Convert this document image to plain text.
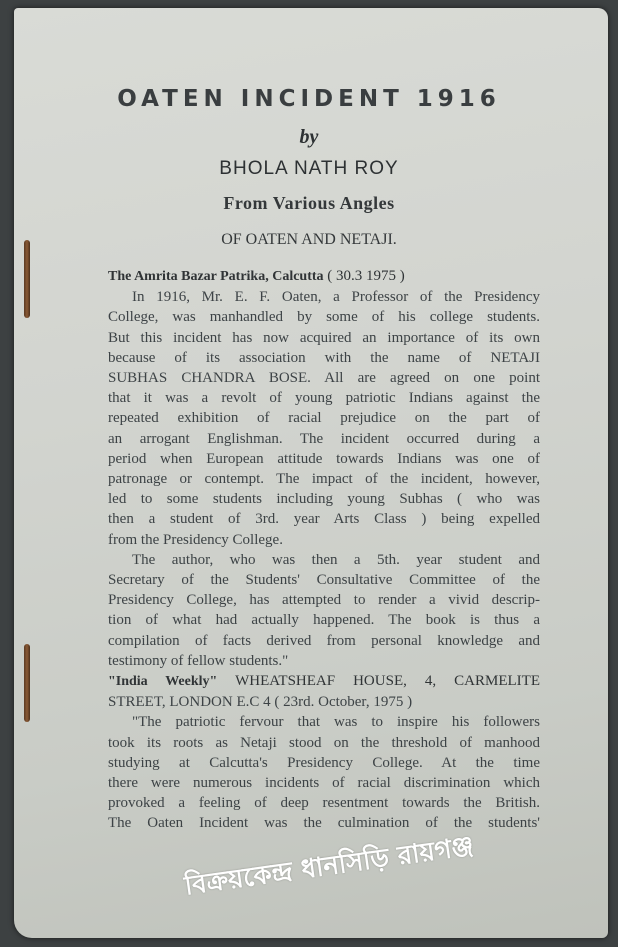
OATEN INCIDENT 1916
by
BHOLA NATH ROY
From Various Angles
OF OATEN AND NETAJI.
The Amrita Bazar Patrika, Calcutta ( 30.3 1975 )
In 1916, Mr. E. F. Oaten, a Professor of the Presidency
College, was manhandled by some of his college students.
But this incident has now acquired an importance of its own
because of its association with the name of NETAJI
SUBHAS CHANDRA BOSE. All are agreed on one point
that it was a revolt of young patriotic Indians against the
repeated exhibition of racial prejudice on the part of
an arrogant Englishman. The incident occurred during a
period when European attitude towards Indians was one of
patronage or contempt. The impact of the incident, however,
led to some students including young Subhas ( who was
then a student of 3rd. year Arts Class ) being expelled
from the Presidency College.
The author, who was then a 5th. year student and
Secretary of the Students' Consultative Committee of the
Presidency College, has attempted to render a vivid descrip-
tion of what had actually happened. The book is thus a
compilation of facts derived from personal knowledge and
testimony of fellow students."
"India Weekly" WHEATSHEAF HOUSE, 4, CARMELITE
STREET, LONDON E.C 4 ( 23rd. October, 1975 )
"The patriotic fervour that was to inspire his followers
took its roots as Netaji stood on the threshold of manhood
studying at Calcutta's Presidency College. At the time
there were numerous incidents of racial discrimination which
provoked a feeling of deep resentment towards the British.
The Oaten Incident was the culmination of the students'
বিক্রয়কেন্দ্র ধানসিড়ি রায়গঞ্জ
